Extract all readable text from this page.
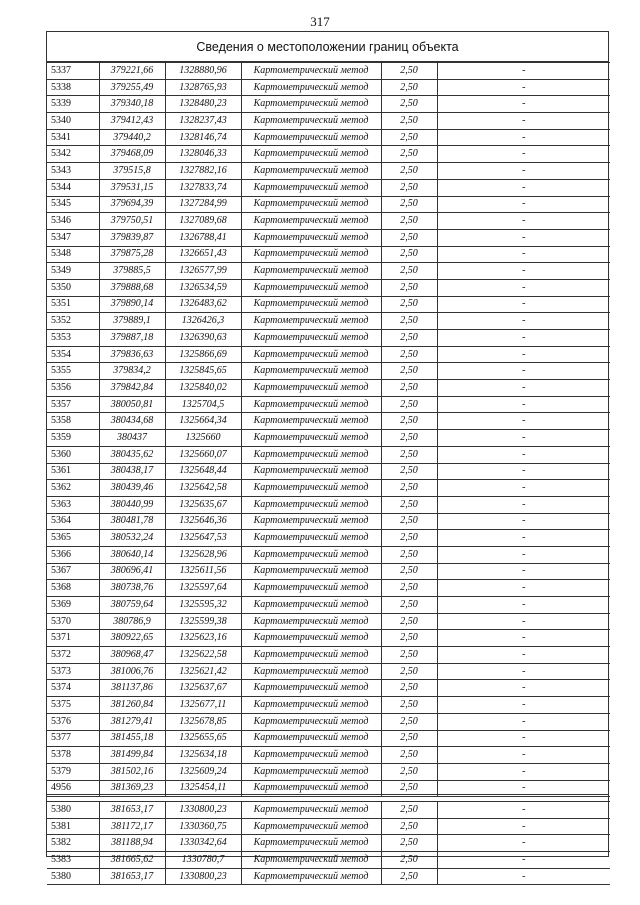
317
Сведения о местоположении границ объекта
5337	379221,66	1328880,96	Картометрический метод	2,50	-
5338	379255,49	1328765,93	Картометрический метод	2,50	-
5339	379340,18	1328480,23	Картометрический метод	2,50	-
5340	379412,43	1328237,43	Картометрический метод	2,50	-
5341	379440,2	1328146,74	Картометрический метод	2,50	-
5342	379468,09	1328046,33	Картометрический метод	2,50	-
5343	379515,8	1327882,16	Картометрический метод	2,50	-
5344	379531,15	1327833,74	Картометрический метод	2,50	-
5345	379694,39	1327284,99	Картометрический метод	2,50	-
5346	379750,51	1327089,68	Картометрический метод	2,50	-
5347	379839,87	1326788,41	Картометрический метод	2,50	-
5348	379875,28	1326651,43	Картометрический метод	2,50	-
5349	379885,5	1326577,99	Картометрический метод	2,50	-
5350	379888,68	1326534,59	Картометрический метод	2,50	-
5351	379890,14	1326483,62	Картометрический метод	2,50	-
5352	379889,1	1326426,3	Картометрический метод	2,50	-
5353	379887,18	1326390,63	Картометрический метод	2,50	-
5354	379836,63	1325866,69	Картометрический метод	2,50	-
5355	379834,2	1325845,65	Картометрический метод	2,50	-
5356	379842,84	1325840,02	Картометрический метод	2,50	-
5357	380050,81	1325704,5	Картометрический метод	2,50	-
5358	380434,68	1325664,34	Картометрический метод	2,50	-
5359	380437	1325660	Картометрический метод	2,50	-
5360	380435,62	1325660,07	Картометрический метод	2,50	-
5361	380438,17	1325648,44	Картометрический метод	2,50	-
5362	380439,46	1325642,58	Картометрический метод	2,50	-
5363	380440,99	1325635,67	Картометрический метод	2,50	-
5364	380481,78	1325646,36	Картометрический метод	2,50	-
5365	380532,24	1325647,53	Картометрический метод	2,50	-
5366	380640,14	1325628,96	Картометрический метод	2,50	-
5367	380696,41	1325611,56	Картометрический метод	2,50	-
5368	380738,76	1325597,64	Картометрический метод	2,50	-
5369	380759,64	1325595,32	Картометрический метод	2,50	-
5370	380786,9	1325599,38	Картометрический метод	2,50	-
5371	380922,65	1325623,16	Картометрический метод	2,50	-
5372	380968,47	1325622,58	Картометрический метод	2,50	-
5373	381006,76	1325621,42	Картометрический метод	2,50	-
5374	381137,86	1325637,67	Картометрический метод	2,50	-
5375	381260,84	1325677,11	Картометрический метод	2,50	-
5376	381279,41	1325678,85	Картометрический метод	2,50	-
5377	381455,18	1325655,65	Картометрический метод	2,50	-
5378	381499,84	1325634,18	Картометрический метод	2,50	-
5379	381502,16	1325609,24	Картометрический метод	2,50	-
4956	381369,23	1325454,11	Картометрический метод	2,50	-
5380	381653,17	1330800,23	Картометрический метод	2,50	-
5381	381172,17	1330360,75	Картометрический метод	2,50	-
5382	381188,94	1330342,64	Картометрический метод	2,50	-
5383	381665,62	1330780,7	Картометрический метод	2,50	-
5380	381653,17	1330800,23	Картометрический метод	2,50	-
